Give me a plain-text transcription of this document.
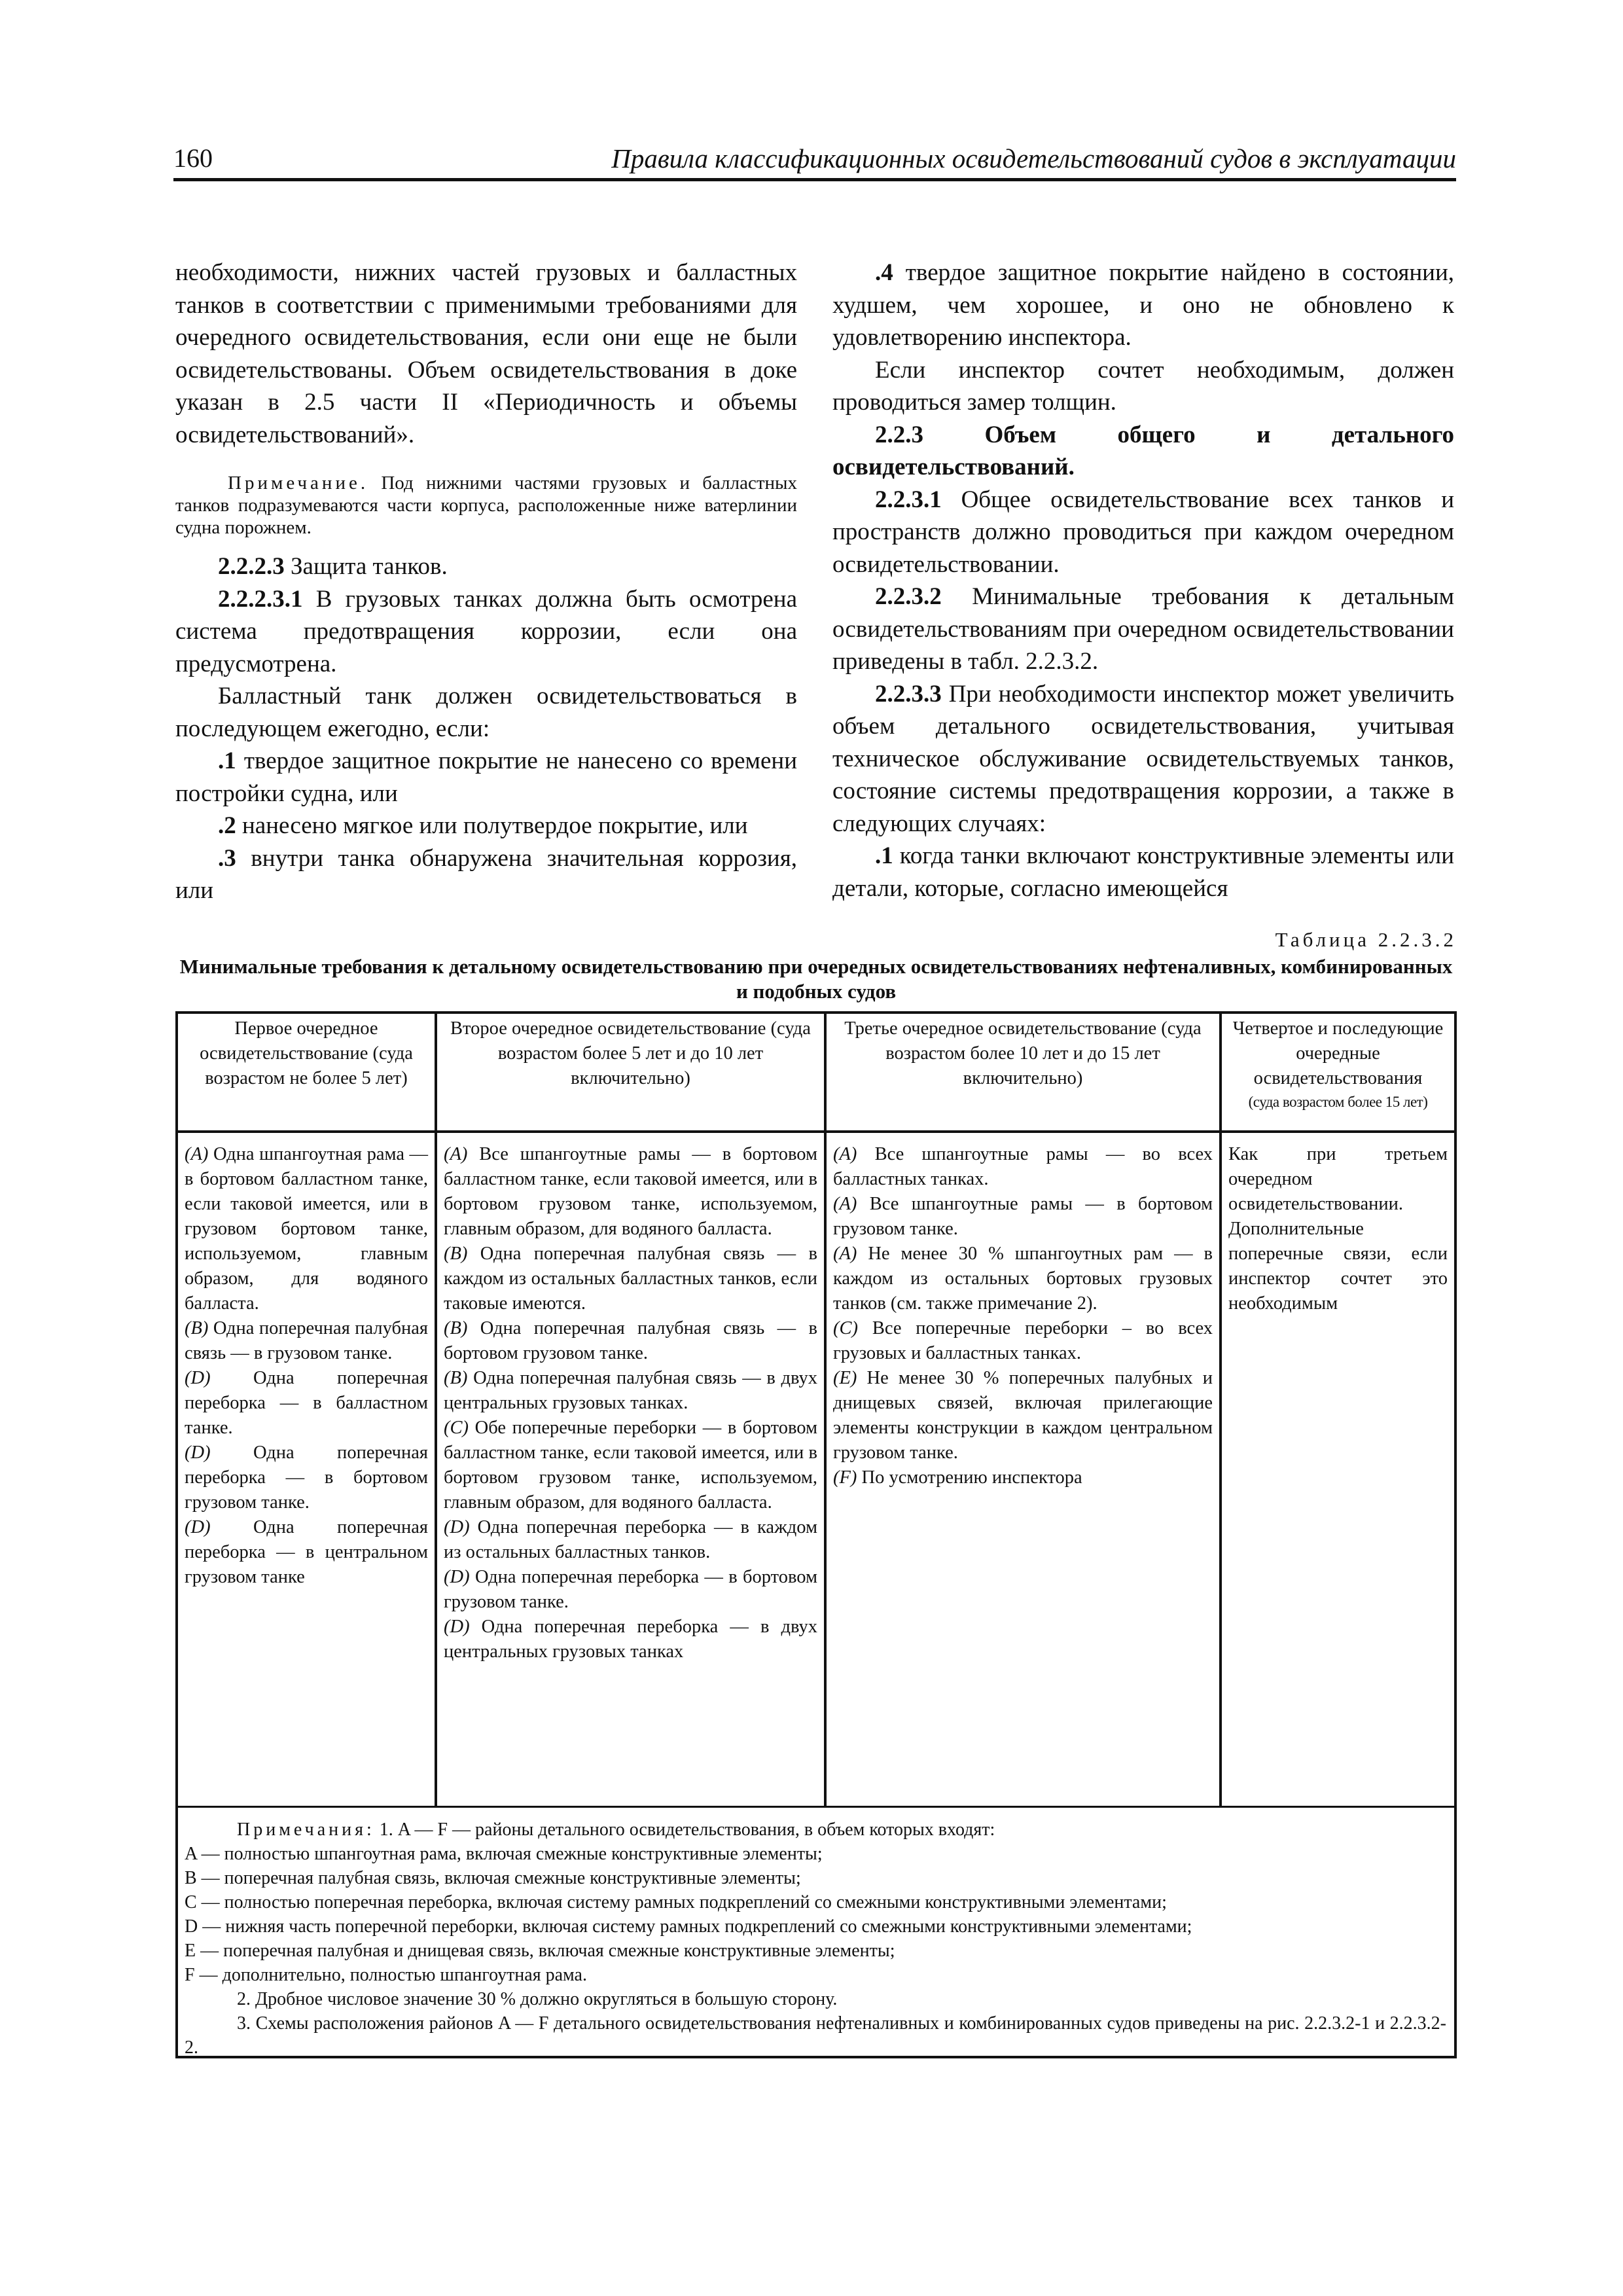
160	Правила классификационных освидетельствований судов в эксплуатации

необходимости, нижних частей грузовых и балластных танков в соответствии с применимыми требованиями для очередного освидетельствования, если они еще не были освидетельствованы. Объем освидетельствования в доке указан в 2.5 части II «Периодичность и объемы освидетельствований».

Примечание. Под нижними частями грузовых и балластных танков подразумеваются части корпуса, расположенные ниже ватерлинии судна порожнем.

2.2.2.3 Защита танков.

2.2.2.3.1 В грузовых танках должна быть осмотрена система предотвращения коррозии, если она предусмотрена.

Балластный танк должен освидетельствоваться в последующем ежегодно, если:

.1 твердое защитное покрытие не нанесено со времени постройки судна, или

.2 нанесено мягкое или полутвердое покрытие, или

.3 внутри танка обнаружена значительная коррозия, или

.4 твердое защитное покрытие найдено в состоянии, худшем, чем хорошее, и оно не обновлено к удовлетворению инспектора.

Если инспектор сочтет необходимым, должен проводиться замер толщин.

2.2.3 Объем общего и детального освидетельствований.

2.2.3.1 Общее освидетельствование всех танков и пространств должно проводиться при каждом очередном освидетельствовании.

2.2.3.2 Минимальные требования к детальным освидетельствованиям при очередном освидетельствовании приведены в табл. 2.2.3.2.

2.2.3.3 При необходимости инспектор может увеличить объем детального освидетельствования, учитывая техническое обслуживание освидетельствуемых танков, состояние системы предотвращения коррозии, а также в следующих случаях:

.1 когда танки включают конструктивные элементы или детали, которые, согласно имеющейся

Таблица 2.2.3.2
Минимальные требования к детальному освидетельствованию при очередных освидетельствованиях нефтеналивных, комбинированных и подобных судов
Первое очередное освидетельствование (суда возрастом не более 5 лет)
Второе очередное освидетельствование (суда возрастом более 5 лет и до 10 лет включительно)
Третье очередное освидетельствование (суда возрастом более 10 лет и до 15 лет включительно)
Четвертое и последующие очередные освидетельствования
(суда возрастом более 15 лет)

(A) Одна шпангоутная рама — в бортовом балластном танке, если таковой имеется, или в грузовом бортовом танке, используемом, главным образом, для водяного балласта.

(B) Одна поперечная палубная связь — в грузовом танке.

(D) Одна поперечная переборка — в балластном танке.

(D) Одна поперечная переборка — в бортовом грузовом танке.

(D) Одна поперечная переборка — в центральном грузовом танке

(A) Все шпангоутные рамы — в бортовом балластном танке, если таковой имеется, или в бортовом грузовом танке, используемом, главным образом, для водяного балласта.

(B) Одна поперечная палубная связь — в каждом из остальных балластных танков, если таковые имеются.

(B) Одна поперечная палубная связь — в бортовом грузовом танке.

(B) Одна поперечная палубная связь — в двух центральных грузовых танках.

(C) Обе поперечные переборки — в бортовом балластном танке, если таковой имеется, или в бортовом грузовом танке, используемом, главным образом, для водяного балласта.

(D) Одна поперечная переборка — в каждом из остальных балластных танков.

(D) Одна поперечная переборка — в бортовом грузовом танке.

(D) Одна поперечная переборка — в двух центральных грузовых танках

(A) Все шпангоутные рамы — во всех балластных танках.

(A) Все шпангоутные рамы — в бортовом грузовом танке.

(A) Не менее 30 % шпангоутных рам — в каждом из остальных бортовых грузовых танков (см. также примечание 2).

(C) Все поперечные переборки – во всех грузовых и балластных танках.

(E) Не менее 30 % поперечных палубных и днищевых связей, включая прилегающие элементы конструкции в каждом центральном грузовом танке.

(F) По усмотрению инспектора

Как при третьем очередном освидетельствовании.

Дополнительные поперечные связи, если инспектор сочтет это необходимым

Примечания: 1. A — F — районы детального освидетельствования, в объем которых входят:

A — полностью шпангоутная рама, включая смежные конструктивные элементы;

B — поперечная палубная связь, включая смежные конструктивные элементы;

C — полностью поперечная переборка, включая систему рамных подкреплений со смежными конструктивными элементами;

D — нижняя часть поперечной переборки, включая систему рамных подкреплений со смежными конструктивными элементами;

E — поперечная палубная и днищевая связь, включая смежные конструктивные элементы;

F — дополнительно, полностью шпангоутная рама.

2. Дробное числовое значение 30 % должно округляться в большую сторону.

3. Схемы расположения районов A — F детального освидетельствования нефтеналивных и комбинированных судов приведены на рис. 2.2.3.2-1 и 2.2.3.2-2.
